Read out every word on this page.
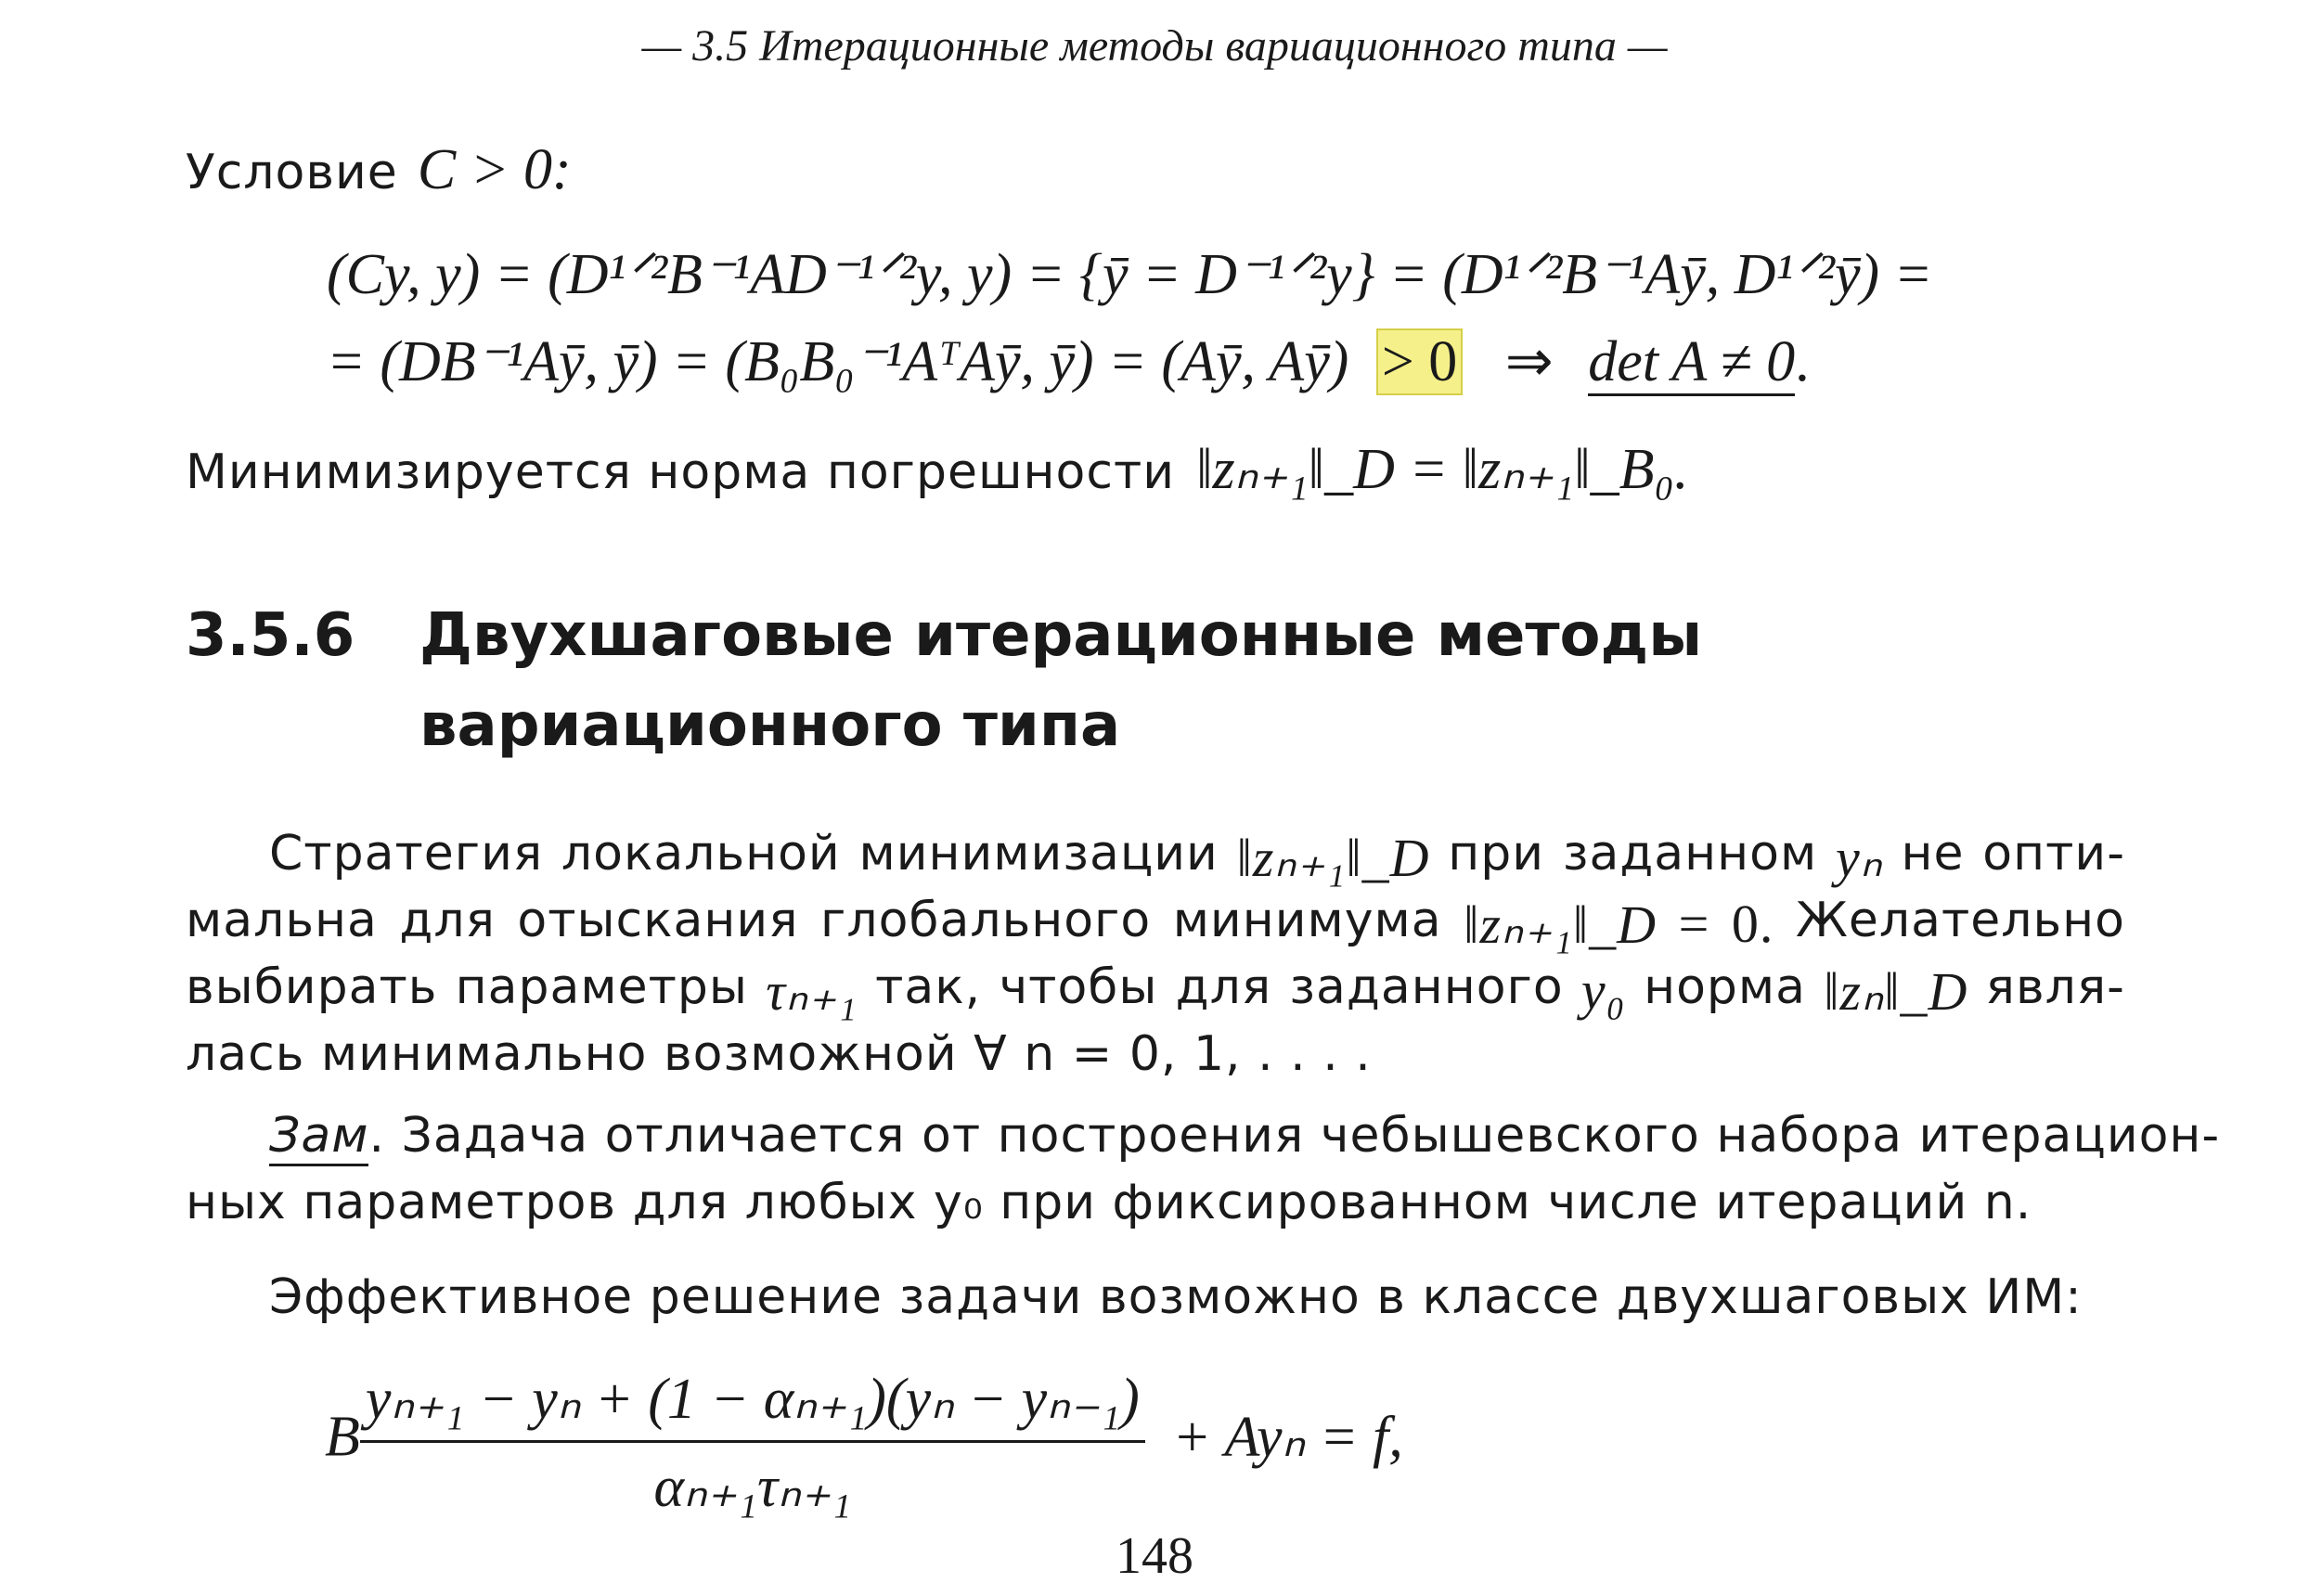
— 3.5 Итерационные методы вариационного типа —
Условие C > 0:
(Cy, y) = (D¹ᐟ²B⁻¹AD⁻¹ᐟ²y, y) = {ȳ = D⁻¹ᐟ²y} = (D¹ᐟ²B⁻¹Aȳ, D¹ᐟ²ȳ) =
= (DB⁻¹Aȳ, ȳ) = (B₀B₀⁻¹AᵀAȳ, ȳ) = (Aȳ, Aȳ) > 0 ⇒ det A ≠ 0.
Минимизируется норма погрешности ‖zₙ₊₁‖_D = ‖zₙ₊₁‖_B₀.
3.5.6 Двухшаговые итерационные методы
вариационного типа
Стратегия локальной минимизации ‖zₙ₊₁‖_D при заданном yₙ не опти-
мальна для отыскания глобального минимума ‖zₙ₊₁‖_D = 0. Желательно
выбирать параметры τₙ₊₁ так, чтобы для заданного y₀ норма ‖zₙ‖_D явля-
лась минимально возможной ∀ n = 0, 1, . . . .
Зам. Задача отличается от построения чебышевского набора итерацион-
ных параметров для любых y₀ при фиксированном числе итераций n.
Эффективное решение задачи возможно в классе двухшаговых ИМ:
B $\frac{\text{yₙ₊₁ − yₙ + (1 − αₙ₊₁)(yₙ − yₙ₋₁)}}{\text{αₙ₊₁τₙ₊₁}} + Ay_n = f$,
148
